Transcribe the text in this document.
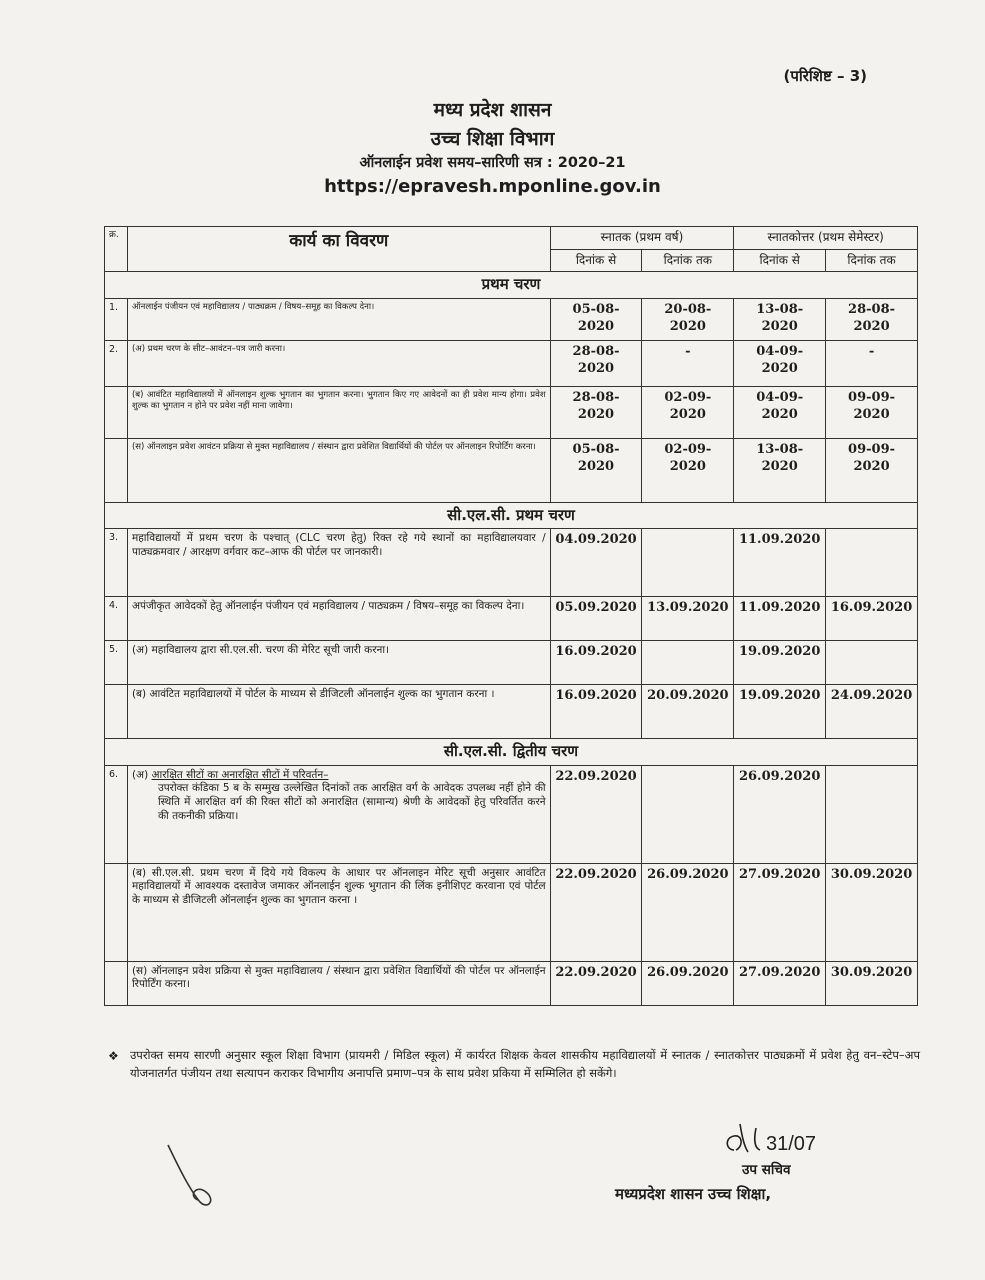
(परिशिष्ट – 3)
मध्य प्रदेश शासन
उच्च शिक्षा विभाग
ऑनलाईन प्रवेश समय–सारिणी सत्र : 2020–21
https://epravesh.mponline.gov.in
क्र.	कार्य का विवरण	स्नातक (प्रथम वर्ष)		स्नातकोत्तर (प्रथम सेमेस्टर)	
		दिनांक से	दिनांक तक	दिनांक से	दिनांक तक
प्रथम चरण					
1.	ऑनलाईन पंजीयन एवं महाविद्यालय / पाठ्यक्रम / विषय–समूह का विकल्प देना।	05-08-2020	20-08-2020	13-08-2020	28-08-2020
2.	(अ) प्रथम चरण के सीट–आवंटन–पत्र जारी करना।	28-08-2020	-	04-09-2020	-
	(ब) आवंटित महाविद्यालयों में ऑनलाइन शुल्क भुगतान का भुगतान करना। भुगतान किए गए आवेदनों का ही प्रवेश मान्य होगा। प्रवेश शुल्क का भुगतान न होने पर प्रवेश नहीं माना जावेगा।	28-08-2020	02-09-2020	04-09-2020	09-09-2020
	(स) ऑनलाइन प्रवेश आवंटन प्रक्रिया से मुक्त महाविद्यालय / संस्थान द्वारा प्रवेशित विद्यार्थियों की पोर्टल पर ऑनलाइन रिपोर्टिंग करना।	05-08-2020	02-09-2020	13-08-2020	09-09-2020
सी.एल.सी. प्रथम चरण					
3.	महाविद्यालयों में प्रथम चरण के पश्चात् (CLC चरण हेतु) रिक्त रहे गये स्थानों का महाविद्यालयवार / पाठ्यक्रमवार / आरक्षण वर्गवार कट–आफ की पोर्टल पर जानकारी।	04.09.2020		11.09.2020	
4.	अपंजीकृत आवेदकों हेतु ऑनलाईन पंजीयन एवं महाविद्यालय / पाठ्यक्रम / विषय–समूह का विकल्प देना।	05.09.2020	13.09.2020	11.09.2020	16.09.2020
5.	(अ) महाविद्यालय द्वारा सी.एल.सी. चरण की मेरिट सूची जारी करना।	16.09.2020		19.09.2020	
	(ब) आवंटित महाविद्यालयों में पोर्टल के माध्यम से डीजिटली ऑनलाईन शुल्क का भुगतान करना ।	16.09.2020	20.09.2020	19.09.2020	24.09.2020
सी.एल.सी. द्वितीय चरण					
6.	(अ) आरक्षित सीटों का अनारक्षित सीटों में परिवर्तन–
उपरोक्त कंडिका 5 ब के सम्मुख उल्लेखित दिनांकों तक आरक्षित वर्ग के आवेदक उपलब्ध नहीं होने की स्थिति में आरक्षित वर्ग की रिक्त सीटों को अनारक्षित (सामान्य) श्रेणी के आवेदकों हेतु परिवर्तित करने की तकनीकी प्रक्रिया।	22.09.2020		26.09.2020	
	(ब) सी.एल.सी. प्रथम चरण में दिये गये विकल्प के आधार पर ऑनलाइन मेरिट सूची अनुसार आवंटित महाविद्यालयों में आवश्यक दस्तावेज जमाकर ऑनलाईन शुल्क भुगतान की लिंक इनीशिएट करवाना एवं पोर्टल के माध्यम से डीजिटली ऑनलाईन शुल्क का भुगतान करना ।	22.09.2020	26.09.2020	27.09.2020	30.09.2020
	(स) ऑनलाइन प्रवेश प्रक्रिया से मुक्त महाविद्यालय / संस्थान द्वारा प्रवेशित विद्यार्थियों की पोर्टल पर ऑनलाईन रिपोर्टिंग करना।	22.09.2020	26.09.2020	27.09.2020	30.09.2020
❖ उपरोक्त समय सारणी अनुसार स्कूल शिक्षा विभाग (प्रायमरी / मिडिल स्कूल) में कार्यरत शिक्षक केवल शासकीय महाविद्यालयों में स्नातक / स्नातकोत्तर पाठ्यक्रमों में प्रवेश हेतु वन–स्टेप–अप योजनातर्गत पंजीयन तथा सत्यापन कराकर विभागीय अनापत्ति प्रमाण–पत्र के साथ प्रवेश प्रकिया में सम्मिलित हो सकेंगे।
31/07
उप सचिव
मध्यप्रदेश शासन उच्च शिक्षा,
